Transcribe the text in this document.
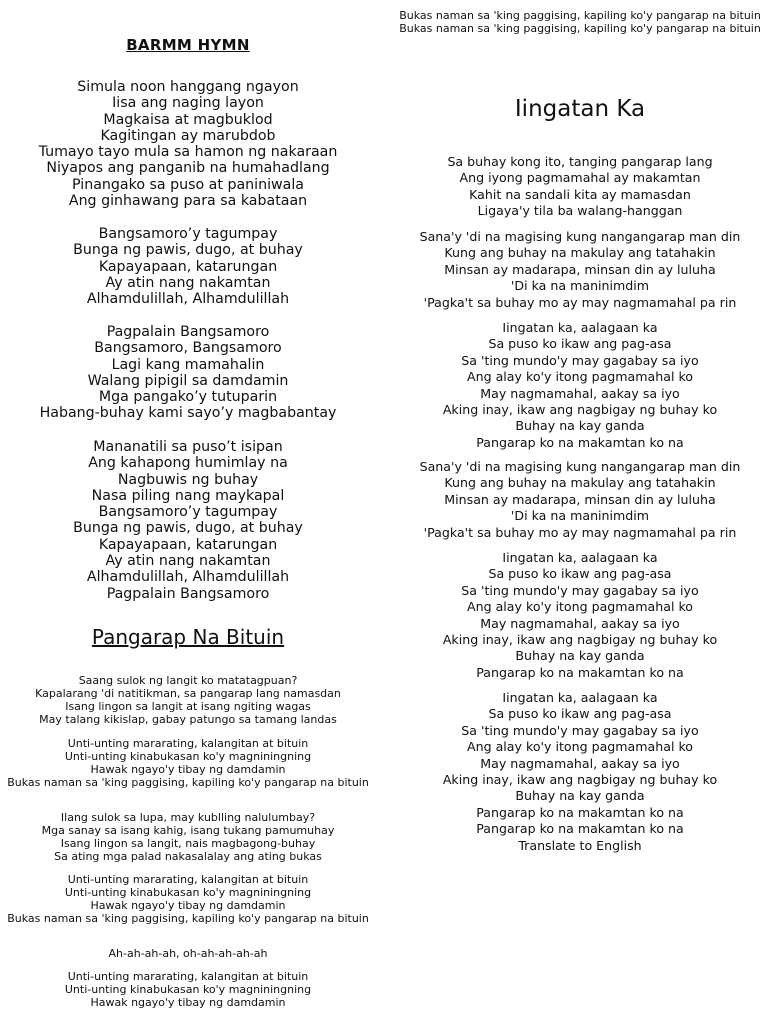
BARMM HYMN
Simula noon hanggang ngayon
Iisa ang naging layon
Magkaisa at magbuklod
Kagitingan ay marubdob
Tumayo tayo mula sa hamon ng nakaraan
Niyapos ang panganib na humahadlang
Pinangako sa puso at paniniwala
Ang ginhawang para sa kabataan
Bangsamoro’y tagumpay
Bunga ng pawis, dugo, at buhay
Kapayapaan, katarungan
Ay atin nang nakamtan
Alhamdulillah, Alhamdulillah
Pagpalain Bangsamoro
Bangsamoro, Bangsamoro
Lagi kang mamahalin
Walang pipigil sa damdamin
Mga pangako’y tutuparin
Habang-buhay kami sayo’y magbabantay
Mananatili sa puso’t isipan
Ang kahapong humimlay na
Nagbuwis ng buhay
Nasa piling nang maykapal
Bangsamoro’y tagumpay
Bunga ng pawis, dugo, at buhay
Kapayapaan, katarungan
Ay atin nang nakamtan
Alhamdulillah, Alhamdulillah
Pagpalain Bangsamoro
Pangarap Na Bituin
Saang sulok ng langit ko matatagpuan?
Kapalarang 'di natitikman, sa pangarap lang namasdan
Isang lingon sa langit at isang ngiting wagas
May talang kikislap, gabay patungo sa tamang landas
Unti-unting mararating, kalangitan at bituin
Unti-unting kinabukasan ko'y magniningning
Hawak ngayo'y tibay ng damdamin
Bukas naman sa 'king paggising, kapiling ko'y pangarap na bituin
Ilang sulok sa lupa, may kublling nalulumbay?
Mga sanay sa isang kahig, isang tukang pamumuhay
Isang lingon sa langit, nais magbagong-buhay
Sa ating mga palad nakasalalay ang ating bukas
Unti-unting mararating, kalangitan at bituin
Unti-unting kinabukasan ko'y magniningning
Hawak ngayo'y tibay ng damdamin
Bukas naman sa 'king paggising, kapiling ko'y pangarap na bituin
Ah-ah-ah-ah, oh-ah-ah-ah-ah
Unti-unting mararating, kalangitan at bituin
Unti-unting kinabukasan ko'y magniningning
Hawak ngayo'y tibay ng damdamin
Bukas naman sa 'king paggising, kapiling ko'y pangarap na bituin
Bukas naman sa 'king paggising, kapiling ko'y pangarap na bituin
Iingatan Ka
Sa buhay kong ito, tanging pangarap lang
Ang iyong pagmamahal ay makamtan
Kahit na sandali kita ay mamasdan
Ligaya'y tila ba walang-hanggan
Sana'y 'di na magising kung nangangarap man din
Kung ang buhay na makulay ang tatahakin
Minsan ay madarapa, minsan din ay luluha
'Di ka na maninimdim
'Pagka't sa buhay mo ay may nagmamahal pa rin
Iingatan ka, aalagaan ka
Sa puso ko ikaw ang pag-asa
Sa 'ting mundo'y may gagabay sa iyo
Ang alay ko'y itong pagmamahal ko
May nagmamahal, aakay sa iyo
Aking inay, ikaw ang nagbigay ng buhay ko
Buhay na kay ganda
Pangarap ko na makamtan ko na
Sana'y 'di na magising kung nangangarap man din
Kung ang buhay na makulay ang tatahakin
Minsan ay madarapa, minsan din ay luluha
'Di ka na maninimdim
'Pagka't sa buhay mo ay may nagmamahal pa rin
Iingatan ka, aalagaan ka
Sa puso ko ikaw ang pag-asa
Sa 'ting mundo'y may gagabay sa iyo
Ang alay ko'y itong pagmamahal ko
May nagmamahal, aakay sa iyo
Aking inay, ikaw ang nagbigay ng buhay ko
Buhay na kay ganda
Pangarap ko na makamtan ko na
Iingatan ka, aalagaan ka
Sa puso ko ikaw ang pag-asa
Sa 'ting mundo'y may gagabay sa iyo
Ang alay ko'y itong pagmamahal ko
May nagmamahal, aakay sa iyo
Aking inay, ikaw ang nagbigay ng buhay ko
Buhay na kay ganda
Pangarap ko na makamtan ko na
Pangarap ko na makamtan ko na
Translate to English
